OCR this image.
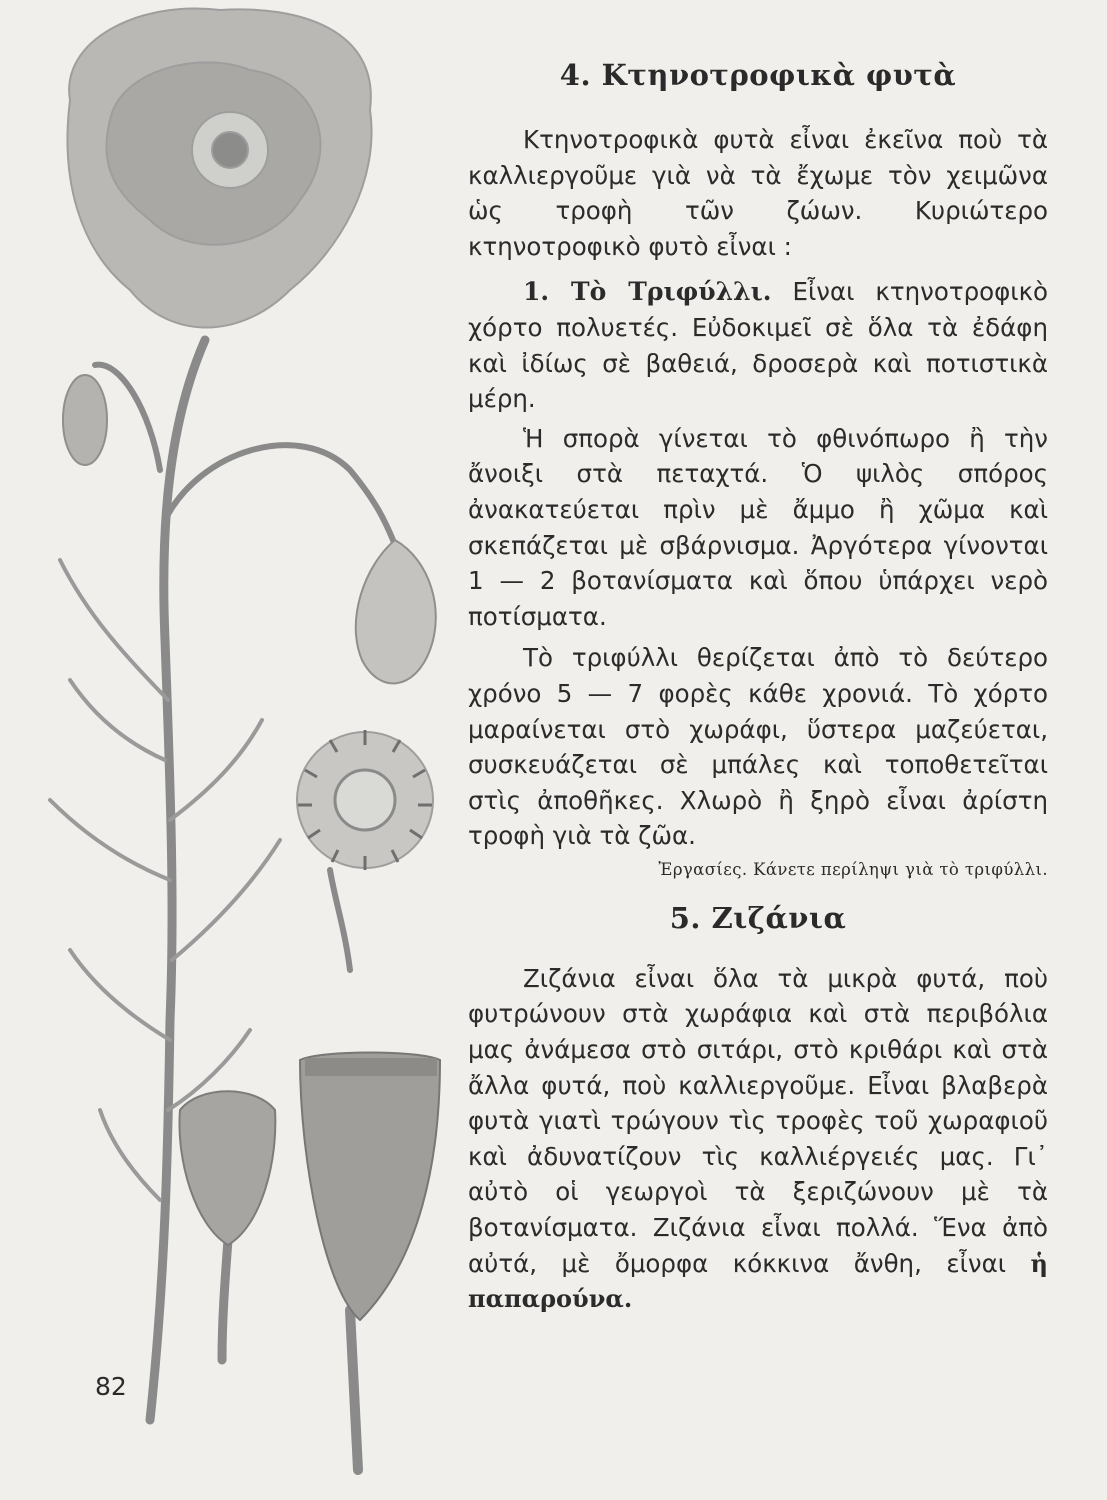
4. Κτηνοτροφικὰ φυτὰ

Κτηνοτροφικὰ φυτὰ εἶναι ἐκεῖνα ποὺ τὰ καλλιεργοῦμε γιὰ νὰ τὰ ἔχωμε τὸν χειμῶνα ὡς τροφὴ τῶν ζώων. Κυριώτερο κτηνοτροφικὸ φυτὸ εἶναι :

1. Τὸ Τριφύλλι. Εἶναι κτηνοτροφικὸ χόρτο πολυετές. Εὐδοκιμεῖ σὲ ὅλα τὰ ἐδάφη καὶ ἰδίως σὲ βαθειά, δροσερὰ καὶ ποτιστικὰ μέρη.

Ἡ σπορὰ γίνεται τὸ φθινόπωρο ἢ τὴν ἄνοιξι στὰ πεταχτά. Ὁ ψιλὸς σπόρος ἀνακατεύεται πρὶν μὲ ἄμμο ἢ χῶμα καὶ σκεπάζεται μὲ σβάρνισμα. Ἀργότερα γίνονται 1 — 2 βοτανίσματα καὶ ὅπου ὑπάρχει νερὸ ποτίσματα.

Τὸ τριφύλλι θερίζεται ἀπὸ τὸ δεύτερο χρόνο 5 — 7 φορὲς κάθε χρονιά. Τὸ χόρτο μαραίνεται στὸ χωράφι, ὕστερα μαζεύεται, συσκευάζεται σὲ μπάλες καὶ τοποθετεῖται στὶς ἀποθῆκες. Χλωρὸ ἢ ξηρὸ εἶναι ἀρίστη τροφὴ γιὰ τὰ ζῶα.

Ἐργασίες. Κάνετε περίληψι γιὰ τὸ τριφύλλι.
5. Ζιζάνια

Ζιζάνια εἶναι ὅλα τὰ μικρὰ φυτά, ποὺ φυτρώνουν στὰ χωράφια καὶ στὰ περιβόλια μας ἀνάμεσα στὸ σιτάρι, στὸ κριθάρι καὶ στὰ ἄλλα φυτά, ποὺ καλλιεργοῦμε. Εἶναι βλαβερὰ φυτὰ γιατὶ τρώγουν τὶς τροφὲς τοῦ χωραφιοῦ καὶ ἀδυνατίζουν τὶς καλλιέργειές μας. Γι᾽ αὐτὸ οἱ γεωργοὶ τὰ ξεριζώνουν μὲ τὰ βοτανίσματα. Ζιζάνια εἶναι πολλά. Ἕνα ἀπὸ αὐτά, μὲ ὄμορφα κόκκινα ἄνθη, εἶναι ἡ παπαρούνα.

82
